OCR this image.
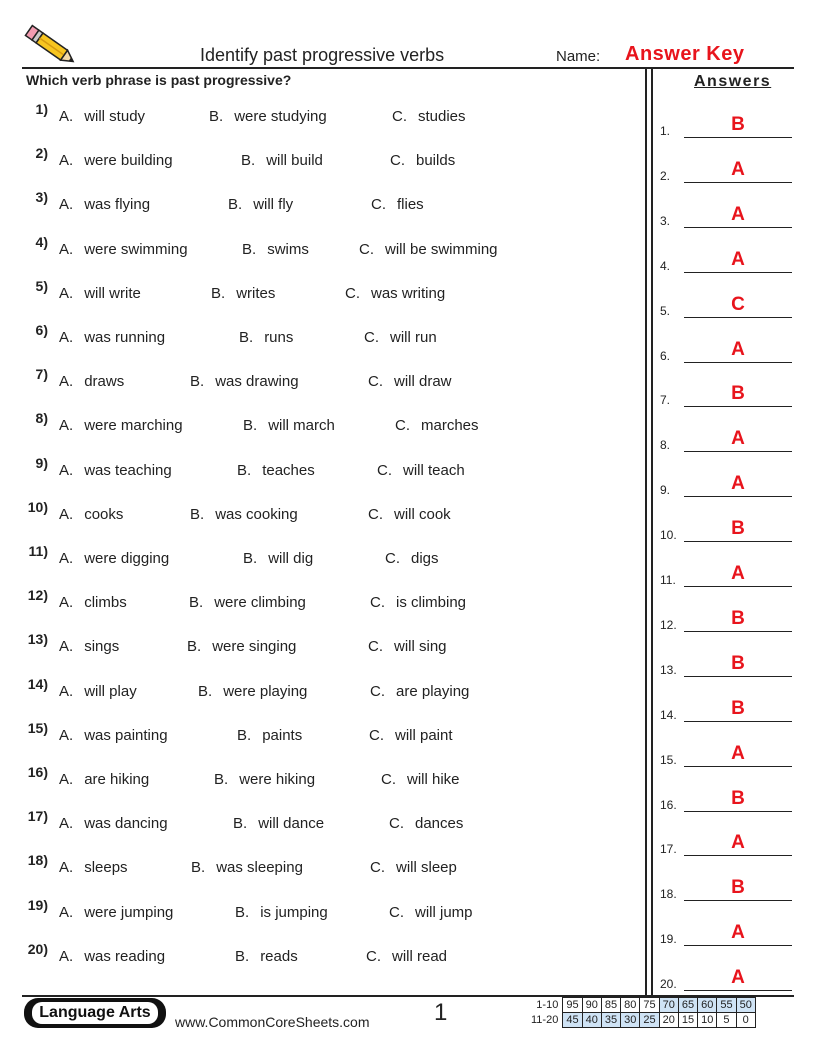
Identify past progressive verbs	Name: Answer Key
Which verb phrase is past progressive?	Answers
1) A. will study	B. were studying	C. studies
2) A. were building	B. will build	C. builds
3) A. was flying	B. will fly	C. flies
4) A. were swimming	B. swims	C. will be swimming
5) A. will write	B. writes	C. was writing
6) A. was running	B. runs	C. will run
7) A. draws	B. was drawing	C. will draw
8) A. were marching	B. will march	C. marches
9) A. was teaching	B. teaches	C. will teach
10) A. cooks	B. was cooking	C. will cook
11) A. were digging	B. will dig	C. digs
12) A. climbs	B. were climbing	C. is climbing
13) A. sings	B. were singing	C. will sing
14) A. will play	B. were playing	C. are playing
15) A. was painting	B. paints	C. will paint
16) A. are hiking	B. were hiking	C. will hike
17) A. was dancing	B. will dance	C. dances
18) A. sleeps	B. was sleeping	C. will sleep
19) A. were jumping	B. is jumping	C. will jump
20) A. was reading	B. reads	C. will read
1.	B
2.	A
3.	A
4.	A
5.	C
6.	A
7.	B
8.	A
9.	A
10.	B
11.	A
12.	B
13.	B
14.	B
15.	A
16.	B
17.	A
18.	B
19.	A
20.	A
Language Arts
www.CommonCoreSheets.com	1	1-10	95	90	85	80	75	70	65	60	55	50
11-20	45	40	35	30	25	20	15	10	5	0
